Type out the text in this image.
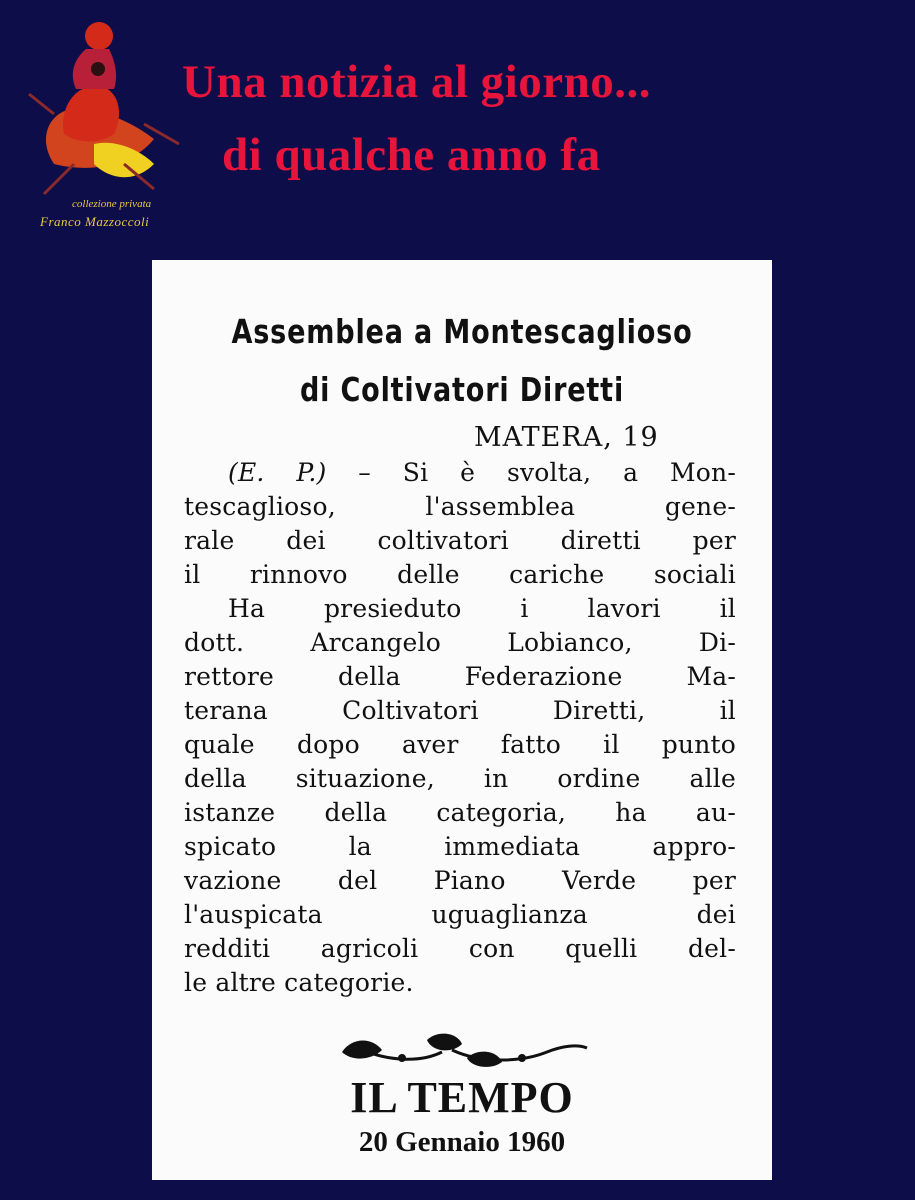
collezione privata
Franco Mazzoccoli
Una notizia al giorno...
di qualche anno fa
Assemblea a Montescaglioso
di Coltivatori Diretti
MATERA, 19
(E. P.) – Si è svolta, a Mon-
tescaglioso, l'assemblea gene-
rale dei coltivatori diretti per
il rinnovo delle cariche sociali
Ha presieduto i lavori il
dott. Arcangelo Lobianco, Di-
rettore della Federazione Ma-
terana Coltivatori Diretti, il
quale dopo aver fatto il punto
della situazione, in ordine alle
istanze della categoria, ha au-
spicato la immediata appro-
vazione del Piano Verde per
l'auspicata uguaglianza dei
redditi agricoli con quelli del-
le altre categorie.
IL TEMPO
20 Gennaio 1960
